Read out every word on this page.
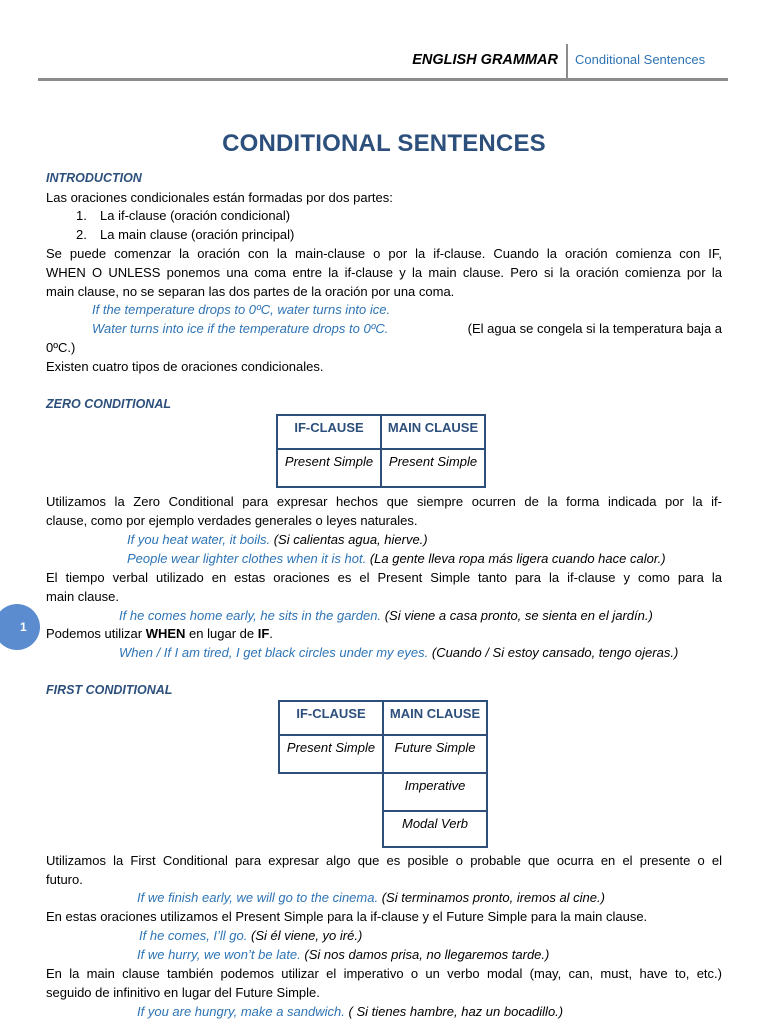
ENGLISH GRAMMAR Conditional Sentences
CONDITIONAL SENTENCES
INTRODUCTION
Las oraciones condicionales están formadas por dos partes:
1. La if-clause (oración condicional)
2. La main clause (oración principal)
Se puede comenzar la oración con la main-clause o por la if-clause. Cuando la oración comienza con IF,
WHEN O UNLESS ponemos una coma entre la if-clause y la main clause. Pero si la oración comienza por la
main clause, no se separan las dos partes de la oración por una coma.
If the temperature drops to 0ºC, water turns into ice.
Water turns into ice if the temperature drops to 0ºC.	(El agua se congela si la temperatura baja a
0ºC.)
Existen cuatro tipos de oraciones condicionales.
ZERO CONDITIONAL
IF-CLAUSE	MAIN CLAUSE
Present Simple	Present Simple
Utilizamos la Zero Conditional para expresar hechos que siempre ocurren de la forma indicada por la if-
clause, como por ejemplo verdades generales o leyes naturales.
If you heat water, it boils. (Si calientas agua, hierve.)
People wear lighter clothes when it is hot. (La gente lleva ropa más ligera cuando hace calor.)
El tiempo verbal utilizado en estas oraciones es el Present Simple tanto para la if-clause y como para la
main clause.
If he comes home early, he sits in the garden. (Si viene a casa pronto, se sienta en el jardín.)
Podemos utilizar WHEN en lugar de IF.
When / If I am tired, I get black circles under my eyes. (Cuando / Si estoy cansado, tengo ojeras.)
1
FIRST CONDITIONAL
IF-CLAUSE	MAIN CLAUSE
Present Simple	Future Simple
	Imperative
	Modal Verb
Utilizamos la First Conditional para expresar algo que es posible o probable que ocurra en el presente o el
futuro.
If we finish early, we will go to the cinema. (Si terminamos pronto, iremos al cine.)
En estas oraciones utilizamos el Present Simple para la if-clause y el Future Simple para la main clause.
If he comes, I’ll go. (Si él viene, yo iré.)
If we hurry, we won’t be late. (Si nos damos prisa, no llegaremos tarde.)
En la main clause también podemos utilizar el imperativo o un verbo modal (may, can, must, have to, etc.)
seguido de infinitivo en lugar del Future Simple.
If you are hungry, make a sandwich. ( Si tienes hambre, haz un bocadillo.)
